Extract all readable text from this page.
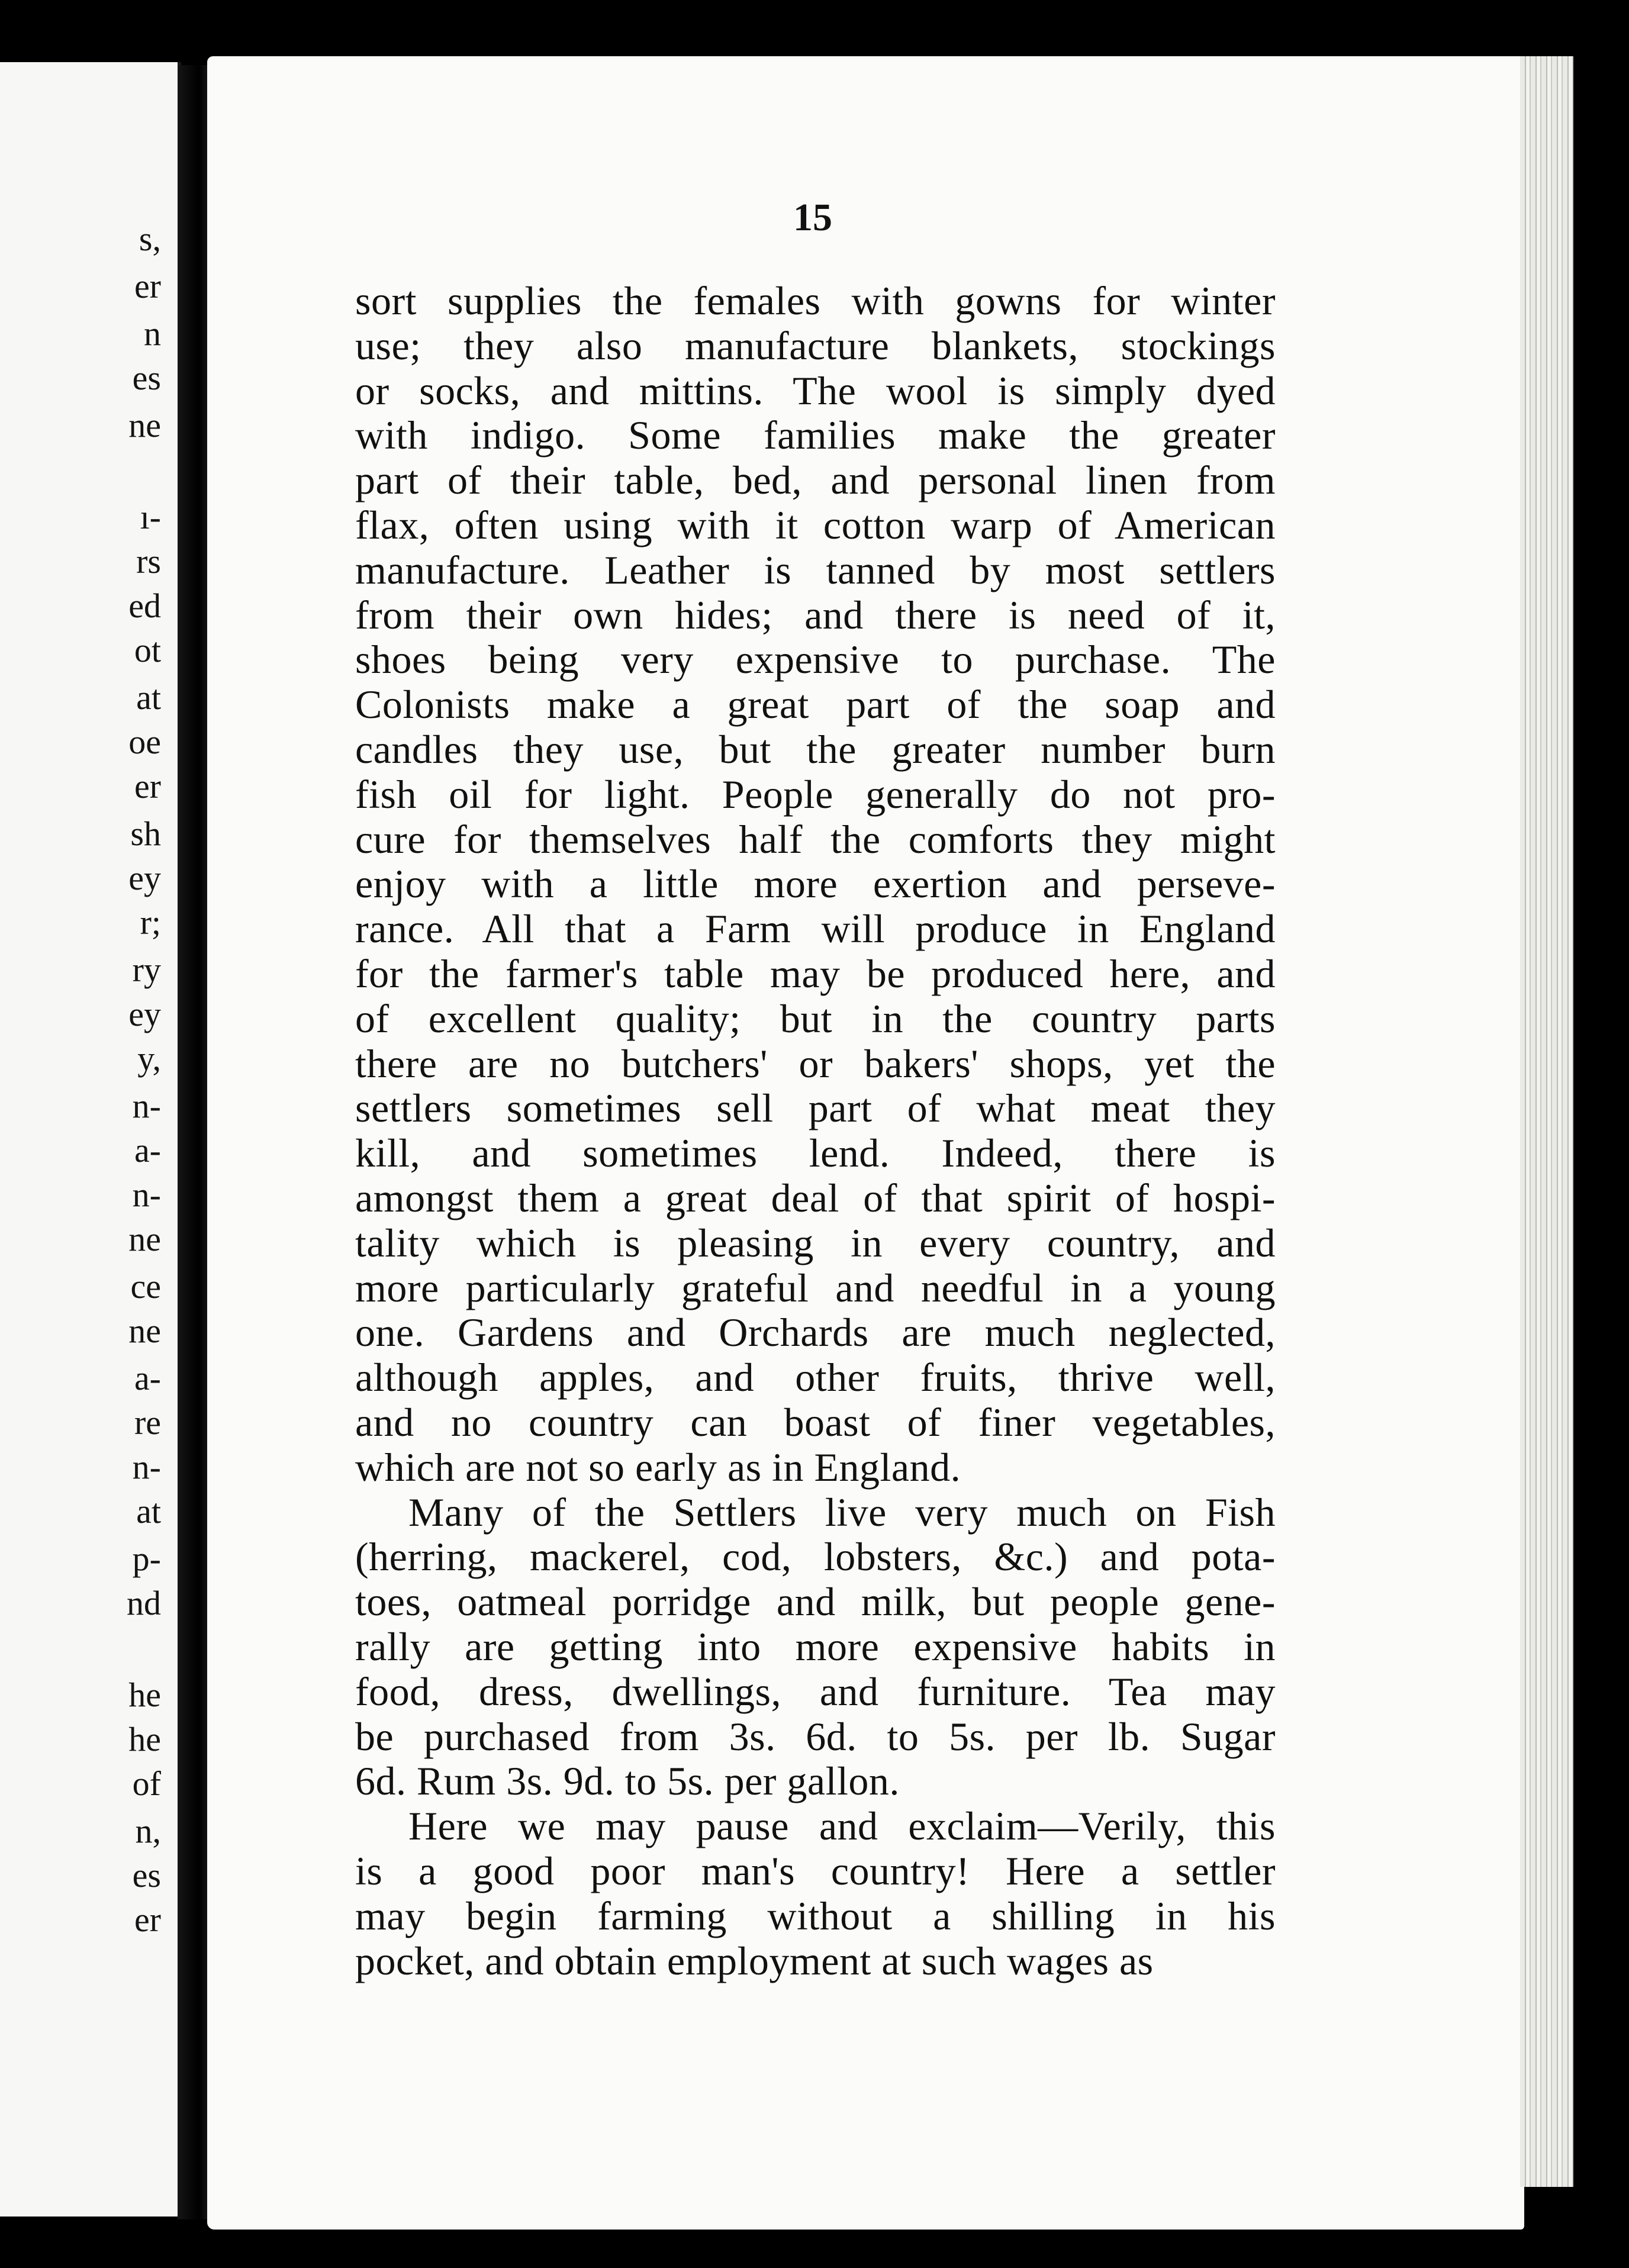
s,
er
n
es
ne
ı-
rs
ed
ot
at
oe
er
sh
ey
r;
ry
ey
y,
n-
a-
n-
ne
ce
ne
a-
re
n-
at
p-
nd
he
he
of
n,
es
er
15
sort supplies the females with gowns for winter
use; they also manufacture blankets, stockings
or socks, and mittins. The wool is simply dyed
with indigo. Some families make the greater
part of their table, bed, and personal linen from
flax, often using with it cotton warp of American
manufacture. Leather is tanned by most settlers
from their own hides; and there is need of it,
shoes being very expensive to purchase. The
Colonists make a great part of the soap and
candles they use, but the greater number burn
fish oil for light. People generally do not pro-
cure for themselves half the comforts they might
enjoy with a little more exertion and perseve-
rance. All that a Farm will produce in England
for the farmer's table may be produced here, and
of excellent quality; but in the country parts
there are no butchers' or bakers' shops, yet the
settlers sometimes sell part of what meat they
kill, and sometimes lend. Indeed, there is
amongst them a great deal of that spirit of hospi-
tality which is pleasing in every country, and
more particularly grateful and needful in a young
one. Gardens and Orchards are much neglected,
although apples, and other fruits, thrive well,
and no country can boast of finer vegetables,
which are not so early as in England.
Many of the Settlers live very much on Fish
(herring, mackerel, cod, lobsters, &c.) and pota-
toes, oatmeal porridge and milk, but people gene-
rally are getting into more expensive habits in
food, dress, dwellings, and furniture. Tea may
be purchased from 3s. 6d. to 5s. per lb. Sugar
6d. Rum 3s. 9d. to 5s. per gallon.
Here we may pause and exclaim—Verily, this
is a good poor man's country! Here a settler
may begin farming without a shilling in his
pocket, and obtain employment at such wages as
